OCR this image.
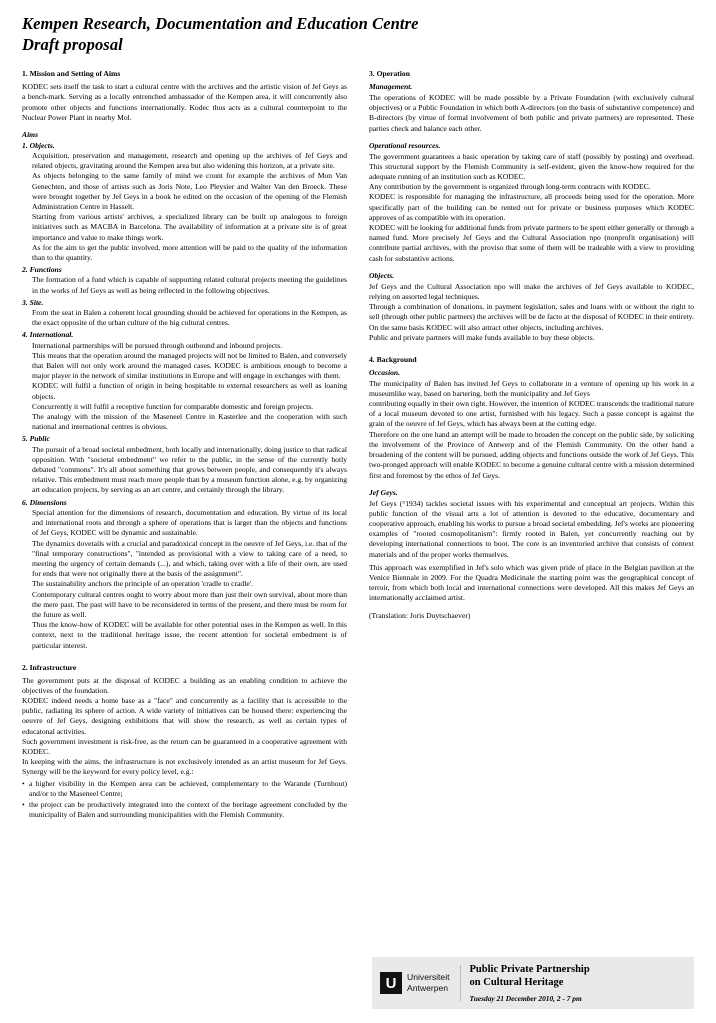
Kempen Research, Documentation and Education Centre
Draft proposal
1. Mission and Setting of Aims

KODEC sets itself the task to start a cultural centre with the archives and the artistic vision of Jef Geys as a bench-mark. Serving as a locally entrenched ambassador of the Kempen area, it will concurrently also promote other objects and functions internationally. Kodec thus acts as a cultural counterpoint to the Nuclear Power Plant in nearby Mol.

Aims
1. Objects.

Acquisition, preservation and management, research and opening up the archives of Jef Geys and related objects, gravitating around the Kempen area but also widening this horizon, at a private site.

As objects belonging to the same family of mind we count for example the archives of Mon Van Genechten, and those of artists such as Joris Note, Leo Pleysier and Walter Van den Broeck. These were brought together by Jef Geys in a book he edited on the occasion of the opening of the Flemish Administration Centre in Hasselt.

Starting from various artists' archives, a specialized library can be built up analogous to foreign initiatives such as MACBA in Barcelona. The availability of information at a private site is of great importance and value to make things work.

As for the aim to get the public involved, more attention will be paid to the quality of the information than to the quantity.

2. Functions

The formation of a fund which is capable of supporting related cultural projects meeting the guidelines in the works of Jef Geys as well as being reflected in the following objectives.

3. Site.

From the seat in Balen a coherent local grounding should be achieved for operations in the Kempen, as the exact opposite of the urban culture of the big cultural centres.

4. International.

International partnerships will be pursued through outbound and inbound projects.

This means that the operation around the managed projects will not be limited to Balen, and conversely that Balen will not only work around the managed cases. KODEC is ambitious enough to become a major player in the network of similar institutions in Europe and will engage in exchanges with them.

KODEC will fulfil a function of origin in being hospitable to external researchers as well as loaning objects.

Concurrently it will fulfil a receptive function for comparable domestic and foreign projects.

The analogy with the mission of the Maseneel Centre in Kasterlee and the cooperation with such national and international centres is obvious.

5. Public

The pursuit of a broad societal embedment, both locally and internationally, doing justice to that radical opposition. With "societal embedment" we refer to the public, in the sense of the currently hotly debated "commons". It's all about something that grows between people, and consequently it's always relative. This embedment must reach more people than by a museum function alone, e.g. by organizing art education projects, by serving as an art centre, and certainly through the library.

6. Dimensions

Special attention for the dimensions of research, documentation and education. By virtue of its local and international roots and through a sphere of operations that is larger than the objects and functions of Jef Geys, KODEC will be dynamic and sustainable.

The dynamics dovetails with a crucial and paradoxical concept in the oeuvre of Jef Geys, i.e. that of the "final temporary constructions", "intended as provisional with a view to taking care of a need, to meeting the urgency of certain demands (...), and which, taking over with a life of their own, are used for ends that were not originally there at the basis of the assignment".

The sustainability anchors the principle of an operation 'cradle to cradle'.

Contemporary cultural centres ought to worry about more than just their own survival, about more than the mere past. The past will have to be reconsidered in terms of the present, and there must be room for the future as well.

Thus the know-how of KODEC will be available for other potential uses in the Kempen as well. In this context, next to the traditional heritage issue, the recent attention for societal embedment is of particular interest.

2. Infrastructure

The government puts at the disposal of KODEC a building as an enabling condition to achieve the objectives of the foundation.

KODEC indeed needs a home base as a "face" and concurrently as a facility that is accessible to the public, radiating its sphere of action. A wide variety of initiatives can be housed there: experiencing the oeuvre of Jef Geys, designing exhibitions that will show the research, as well as certain types of educatonal activities.

Such government investment is risk-free, as the return can be guaranteed in a cooperative agreement with KODEC.

In keeping with the aims, the infrastructure is not exclusively intended as an artist museum for Jef Geys. Synergy will be the keyword for every policy level, e.g.:

• a higher visibility in the Kempen area can be achieved, complementary to the Warande (Turnhout) and/or to the Maseneel Centre;
• the project can be productively integrated into the context of the heritage agreement concluded by the municipality of Balen and surrounding municipalities with the Flemish Community.
3. Operation
Management.

The operations of KODEC will be made possible by a Private Foundation (with exclusively cultural objectives) or a Public Foundation in which both A-directors (on the basis of substantive competence) and B-directors (by virtue of formal involvement of both public and private partners) are represented. These parties check and balance each other.

Operational resources.

The government guarantees a basic operation by taking care of staff (possibly by posting) and overhead. This structural support by the Flemish Community is self-evident, given the know-how required for the adequate running of an institution such as KODEC.

Any contribution by the government is organized through long-term contracts with KODEC.

KODEC is responsible for managing the infrastructure, all proceeds being used for the operation. More specifically part of the building can be rented out for private or business purposes which KODEC approves of as compatible with its operation.

KODEC will be looking for additional funds from private partners to be spent either generally or through a named fund. More precisely Jef Geys and the Cultural Association npo (nonprofit organisation) will contribute partial archives, with the proviso that some of them will be tradeable with a view to providing cash for substantive actions.

Objects.

Jef Geys and the Cultural Association npo will make the archives of Jef Geys available to KODEC, relying on assorted legal techniques.

Through a combination of donations, in payment legislation, sales and loans with or without the right to sell (through other public partners) the archives will be de facto at the disposal of KODEC in their entirety.

On the same basis KODEC will also attract other objects, including archives.

Public and private partners will make funds available to buy these objects.

4. Background
Occasion.

The municipality of Balen has invited Jef Geys to collaborate in a venture of opening up his work in a museumlike way, based on bartering, both the municipality and Jef Geys

contributing equally in their own right. However, the intention of KODEC transcends the traditional nature of a local museum devoted to one artist, furnished with his legacy. Such a passe concept is against the grain of the oeuvre of Jef Geys, which has always been at the cutting edge.

Therefore on the one hand an attempt will be made to broaden the concept on the public side, by soliciting the involvement of the Province of Antwerp and of the Flemish Community. On the other hand a broadening of the content will be pursued, adding objects and functions outside the work of Jef Geys. This two-pronged approach will enable KODEC to become a genuine cultural centre with a mission determined first and foremost by the ethos of Jef Geys.

Jef Geys.

Jef Geys (°1934) tackles societal issues with his experimental and conceptual art projects. Within this public function of the visual arts a lot of attention is devoted to the educative, documentary and cooperative approach, enabling his works to pursue a broad societal embedding. Jef's works are pioneering examples of "rooted cosmopolitanism": firmly rooted in Balen, yet concurrently reaching out by developing international connections to boot. The core is an inventoried archive that consists of context materials and of the proper works themselves.

This approach was exemplified in Jef's solo which was given pride of place in the Belgian pavilion at the Venice Biennale in 2009. For the Quadra Medicinale the starting point was the geographical concept of terroir, from which both local and international connections were developed. All this makes Jef Geys an internationally acclaimed artist.

(Translation: Joris Duytschaever)

U	Universiteit
Antwerpen
Public Private Partnership
on Cultural Heritage
Tuesday 21 December 2010, 2 - 7 pm
